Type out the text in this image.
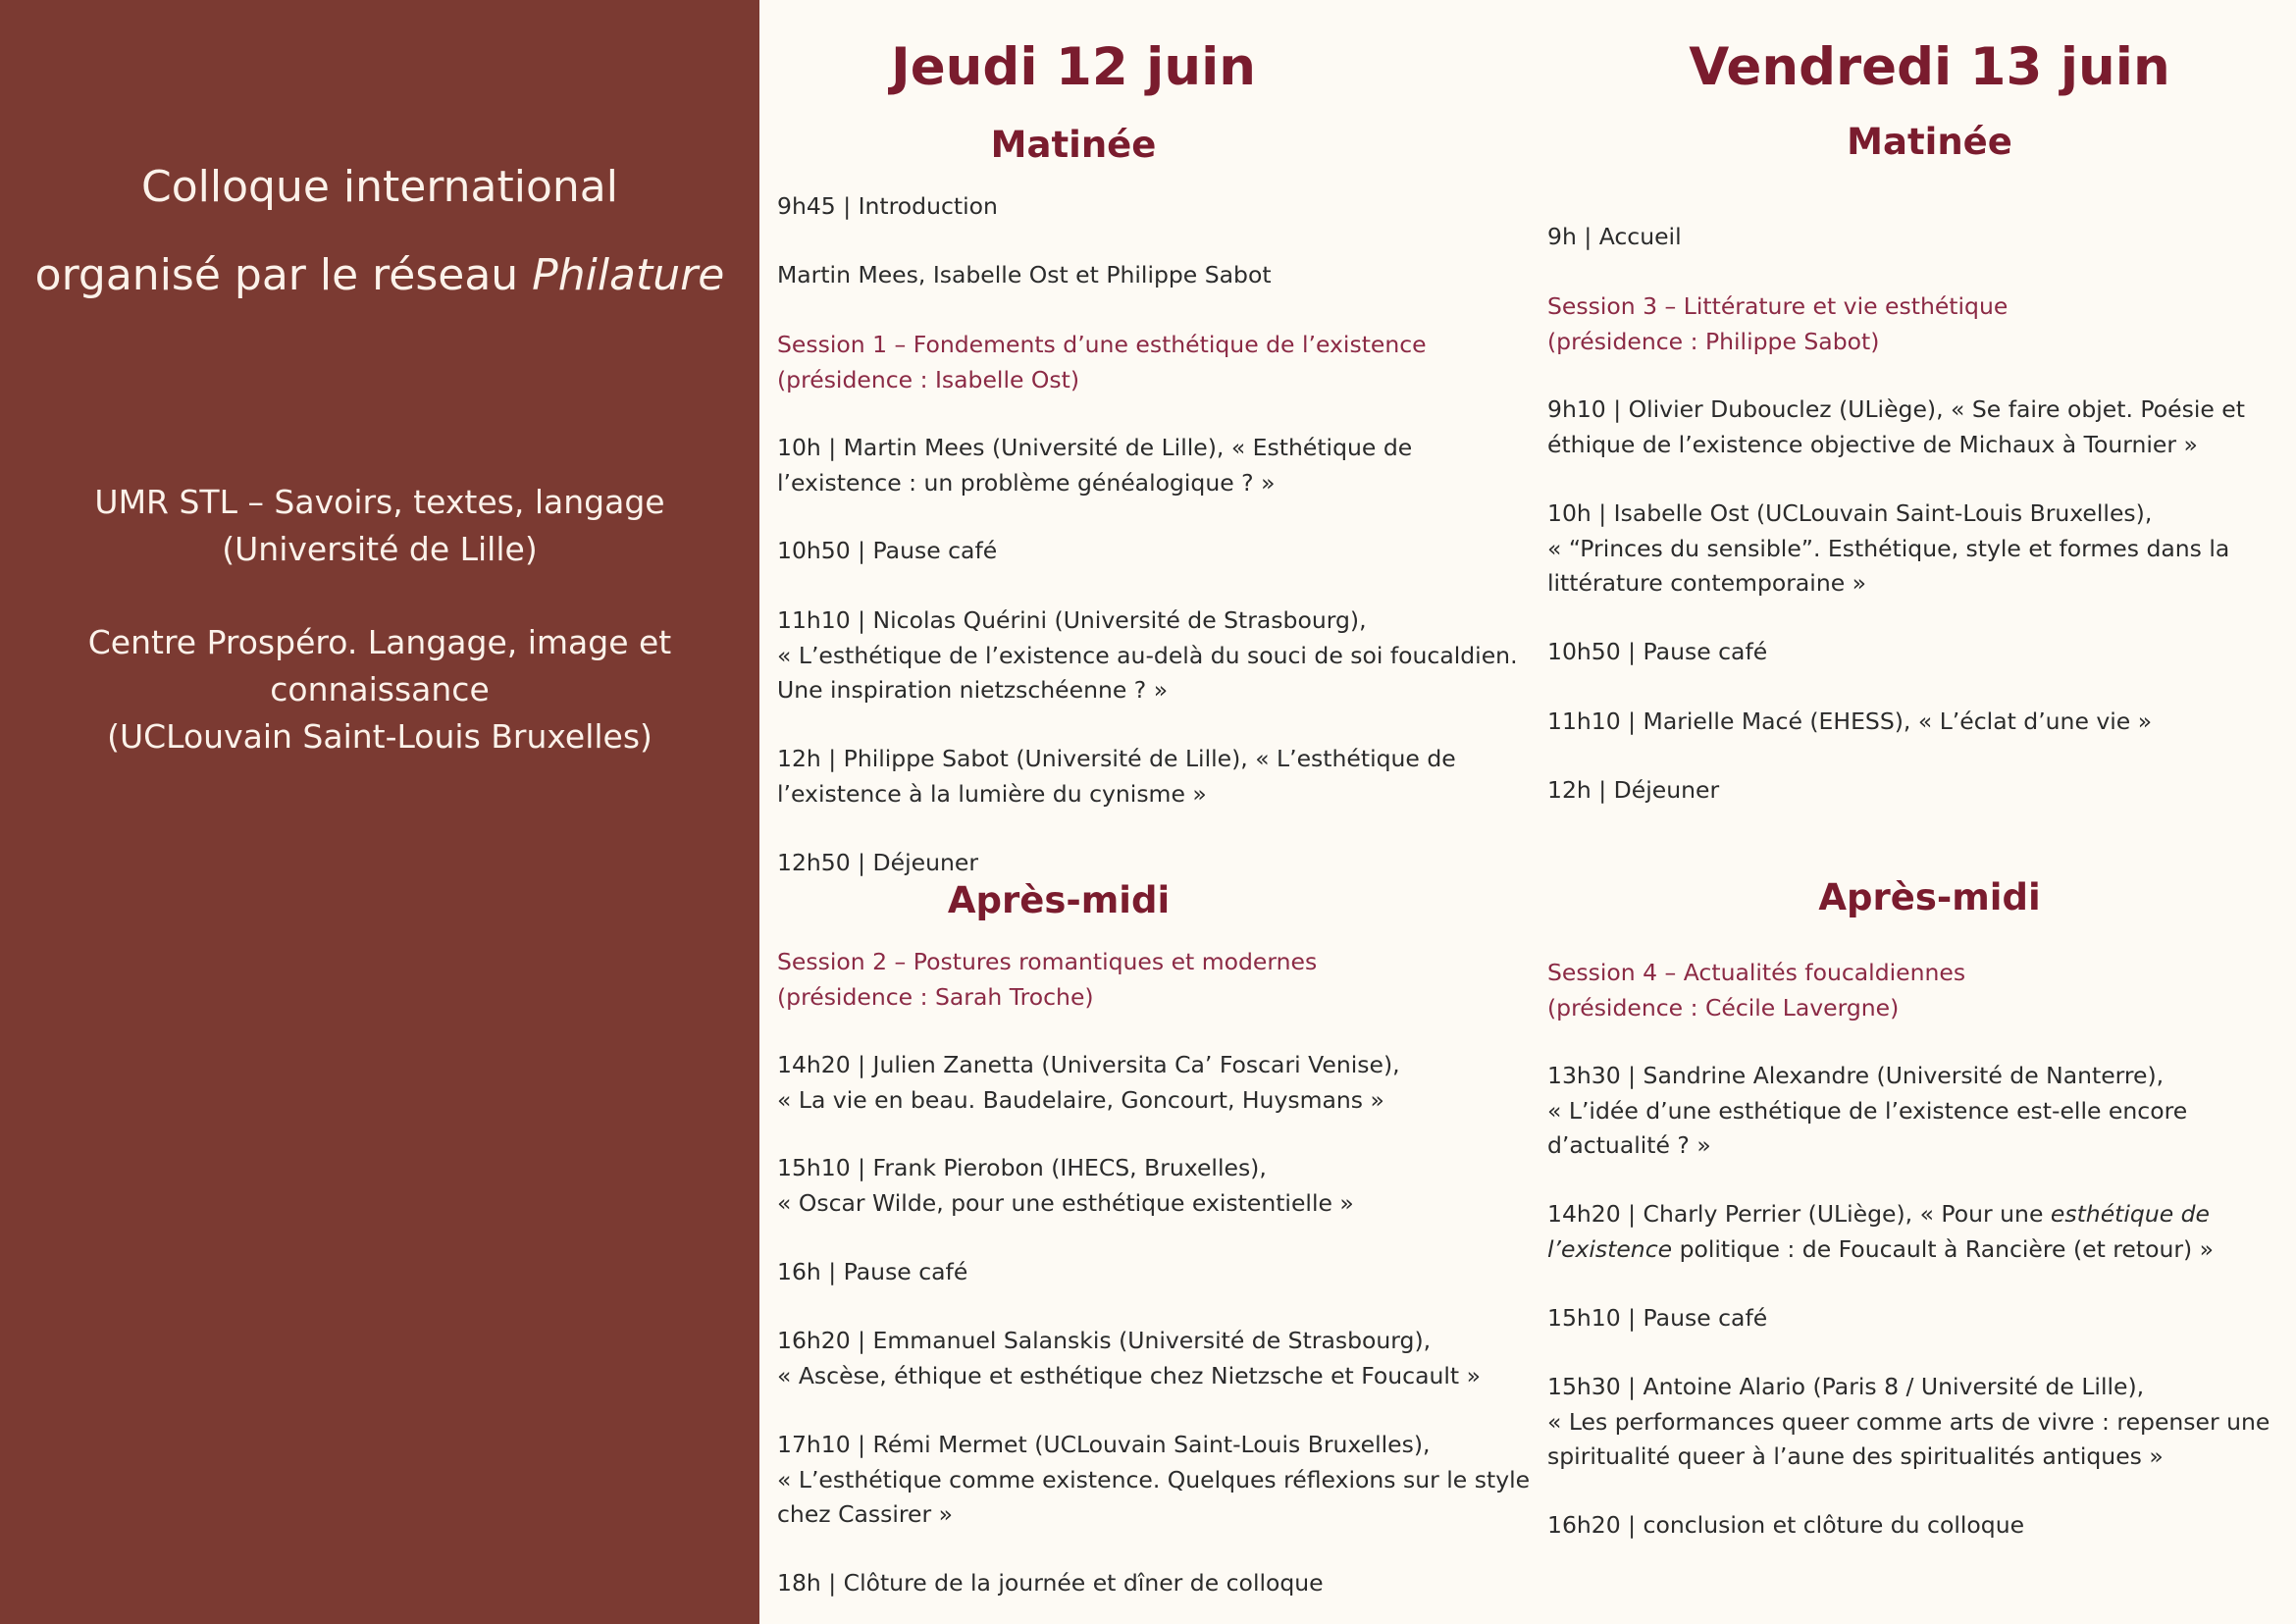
Colloque international
organisé par le réseau Philature
UMR STL – Savoirs, textes, langage
(Université de Lille)
Centre Prospéro. Langage, image et
connaissance
(UCLouvain Saint-Louis Bruxelles)
Jeudi 12 juin
Matinée
9h45 | Introduction
Martin Mees, Isabelle Ost et Philippe Sabot
Session 1 – Fondements d’une esthétique de l’existence
(présidence : Isabelle Ost)
10h | Martin Mees (Université de Lille), « Esthétique de
l’existence : un problème généalogique ? »
10h50 | Pause café
11h10 | Nicolas Quérini (Université de Strasbourg),
« L’esthétique de l’existence au-delà du souci de soi foucaldien.
Une inspiration nietzschéenne ? »
12h | Philippe Sabot (Université de Lille), « L’esthétique de
l’existence à la lumière du cynisme »
12h50 | Déjeuner
Après-midi
Session 2 – Postures romantiques et modernes
(présidence : Sarah Troche)
14h20 | Julien Zanetta (Universita Ca’ Foscari Venise),
« La vie en beau. Baudelaire, Goncourt, Huysmans »
15h10 | Frank Pierobon (IHECS, Bruxelles),
« Oscar Wilde, pour une esthétique existentielle »
16h | Pause café
16h20 | Emmanuel Salanskis (Université de Strasbourg),
« Ascèse, éthique et esthétique chez Nietzsche et Foucault »
17h10 | Rémi Mermet (UCLouvain Saint-Louis Bruxelles),
« L’esthétique comme existence. Quelques réflexions sur le style
chez Cassirer »
18h | Clôture de la journée et dîner de colloque
Vendredi 13 juin
Matinée
9h | Accueil
Session 3 – Littérature et vie esthétique
(présidence : Philippe Sabot)
9h10 | Olivier Dubouclez (ULiège), « Se faire objet. Poésie et
éthique de l’existence objective de Michaux à Tournier »
10h | Isabelle Ost (UCLouvain Saint-Louis Bruxelles),
« “Princes du sensible”. Esthétique, style et formes dans la
littérature contemporaine »
10h50 | Pause café
11h10 | Marielle Macé (EHESS), « L’éclat d’une vie »
12h | Déjeuner
Après-midi
Session 4 – Actualités foucaldiennes
(présidence : Cécile Lavergne)
13h30 | Sandrine Alexandre (Université de Nanterre),
« L’idée d’une esthétique de l’existence est-elle encore
d’actualité ? »
14h20 | Charly Perrier (ULiège), « Pour une esthétique de
l’existence politique : de Foucault à Rancière (et retour) »
15h10 | Pause café
15h30 | Antoine Alario (Paris 8 / Université de Lille),
« Les performances queer comme arts de vivre : repenser une
spiritualité queer à l’aune des spiritualités antiques »
16h20 | conclusion et clôture du colloque
